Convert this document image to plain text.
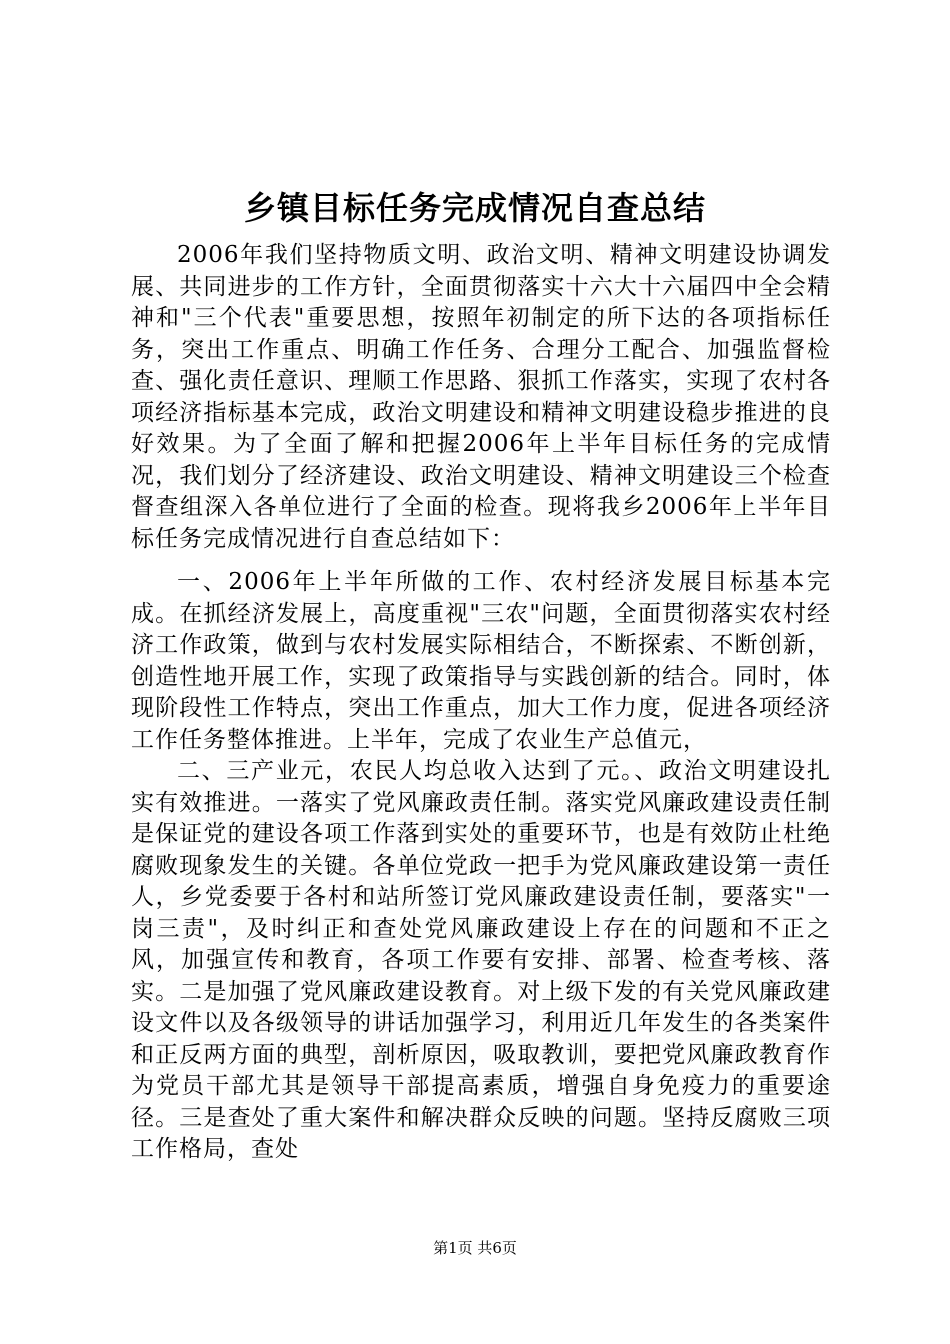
乡镇目标任务完成情况自查总结

2006年我们坚持物质文明、政治文明、精神文明建设协调发展、共同进步的工作方针，全面贯彻落实十六大十六届四中全会精神和"三个代表"重要思想，按照年初制定的所下达的各项指标任务，突出工作重点、明确工作任务、合理分工配合、加强监督检查、强化责任意识、理顺工作思路、狠抓工作落实，实现了农村各项经济指标基本完成，政治文明建设和精神文明建设稳步推进的良好效果。为了全面了解和把握2006年上半年目标任务的完成情况，我们划分了经济建设、政治文明建设、精神文明建设三个检查督查组深入各单位进行了全面的检查。现将我乡2006年上半年目标任务完成情况进行自查总结如下：

一、2006年上半年所做的工作、农村经济发展目标基本完成。在抓经济发展上，高度重视"三农"问题，全面贯彻落实农村经济工作政策，做到与农村发展实际相结合，不断探索、不断创新，创造性地开展工作，实现了政策指导与实践创新的结合。同时，体现阶段性工作特点，突出工作重点，加大工作力度，促进各项经济工作任务整体推进。上半年，完成了农业生产总值元，

二、三产业元，农民人均总收入达到了元。、政治文明建设扎实有效推进。一落实了党风廉政责任制。落实党风廉政建设责任制是保证党的建设各项工作落到实处的重要环节，也是有效防止杜绝腐败现象发生的关键。各单位党政一把手为党风廉政建设第一责任人，乡党委要于各村和站所签订党风廉政建设责任制，要落实"一岗三责"，及时纠正和查处党风廉政建设上存在的问题和不正之风，加强宣传和教育，各项工作要有安排、部署、检查考核、落实。二是加强了党风廉政建设教育。对上级下发的有关党风廉政建设文件以及各级领导的讲话加强学习，利用近几年发生的各类案件和正反两方面的典型，剖析原因，吸取教训，要把党风廉政教育作为党员干部尤其是领导干部提高素质，增强自身免疫力的重要途径。三是查处了重大案件和解决群众反映的问题。坚持反腐败三项工作格局，查处

第1页 共6页
